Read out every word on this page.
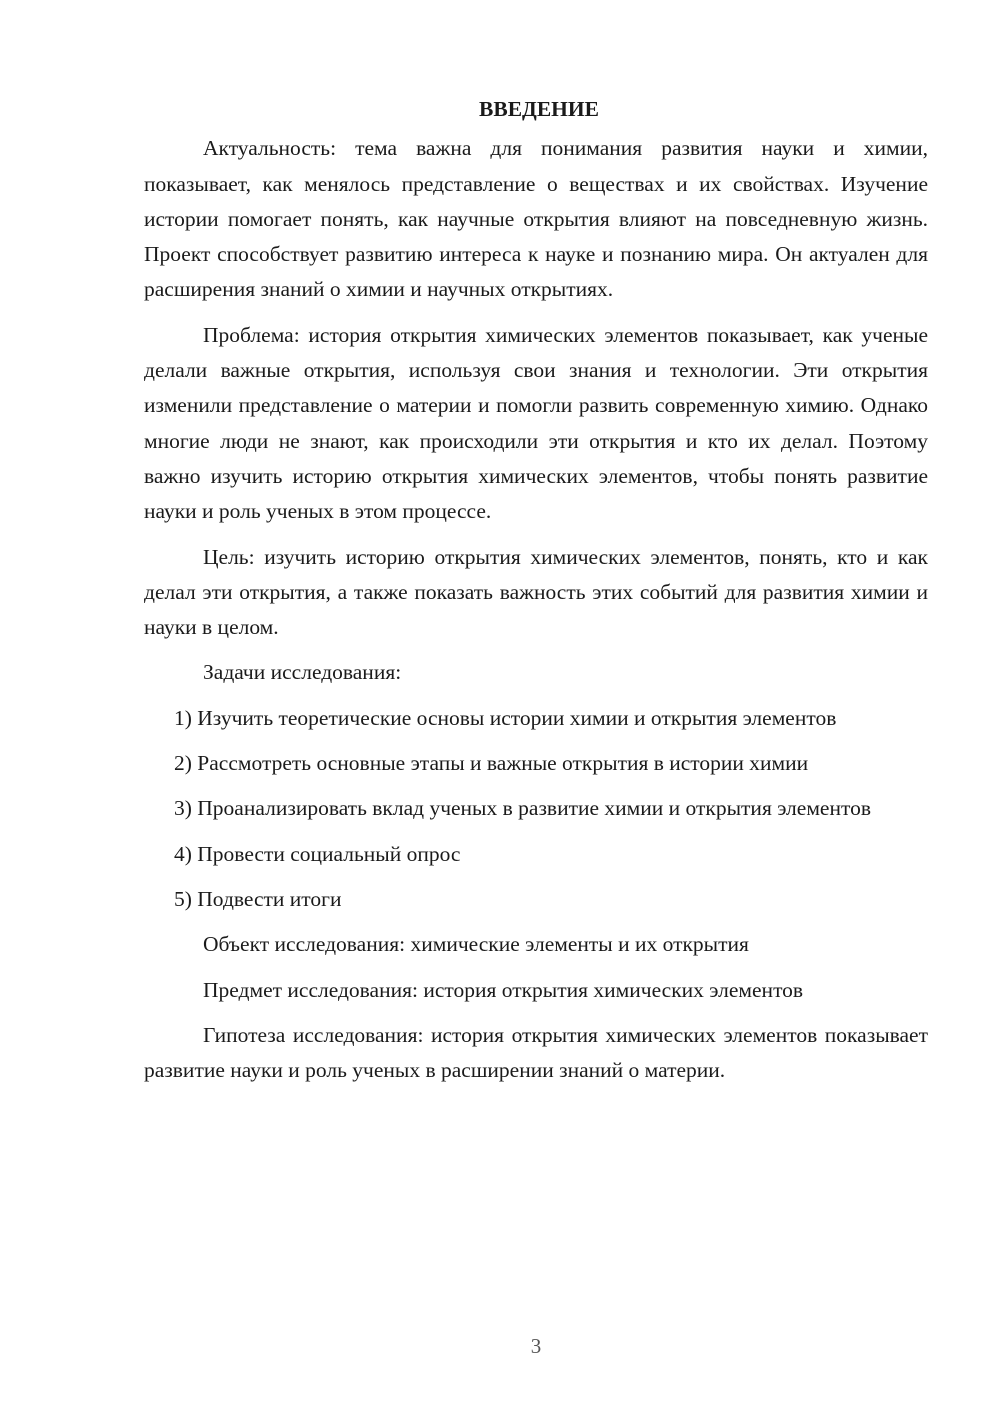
ВВЕДЕНИЕ

Актуальность: тема важна для понимания развития науки и химии, показывает, как менялось представление о веществах и их свойствах. Изучение истории помогает понять, как научные открытия влияют на повседневную жизнь. Проект способствует развитию интереса к науке и познанию мира. Он актуален для расширения знаний о химии и научных открытиях.

Проблема: история открытия химических элементов показывает, как ученые делали важные открытия, используя свои знания и технологии. Эти открытия изменили представление о материи и помогли развить современную химию. Однако многие люди не знают, как происходили эти открытия и кто их делал. Поэтому важно изучить историю открытия химических элементов, чтобы понять развитие науки и роль ученых в этом процессе.

Цель: изучить историю открытия химических элементов, понять, кто и как делал эти открытия, а также показать важность этих событий для развития химии и науки в целом.

Задачи исследования:

1) Изучить теоретические основы истории химии и открытия элементов

2) Рассмотреть основные этапы и важные открытия в истории химии

3) Проанализировать вклад ученых в развитие химии и открытия элементов

4) Провести социальный опрос

5) Подвести итоги

Объект исследования: химические элементы и их открытия

Предмет исследования: история открытия химических элементов

Гипотеза исследования: история открытия химических элементов показывает развитие науки и роль ученых в расширении знаний о материи.

3
